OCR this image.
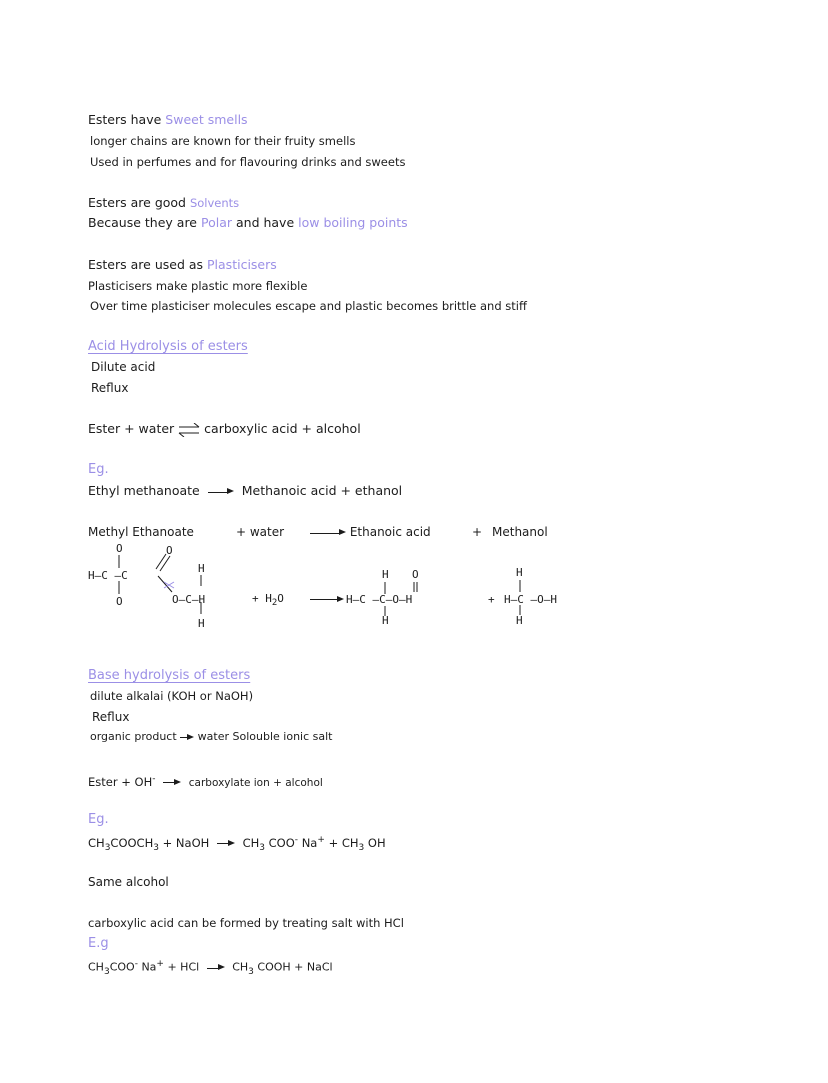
Esters have Sweet smells
longer chains are known for their fruity smells
Used in perfumes and for flavouring drinks and sweets
Esters are good Solvents
Because they are Polar and have low boiling points
Esters are used as Plasticisers
Plasticisers make plastic more flexible
Over time plasticiser molecules escape and plastic becomes brittle and stiff
Acid Hydrolysis of esters
Dilute acid
Reflux
Ester + water ⇌ carboxylic acid + alcohol
Eg.
Ethyl methanoate	Methanoic acid + ethanol
Methyl Ethanoate	+ water	Ethanoic acid	+ Methanol
O	O
H
H—C —C
O	O—C—H
H
+ $H_2O$
H O
H—C —C—O—H
H
+
H
H—C —O—H
H
Base hydrolysis of esters
dilute alkalai (KOH or NaOH)
Reflux
organic product water Solouble ionic salt
Ester + OH-	carboxylate ion + alcohol
Eg.
$CH_3COOCH_3$ + NaOH	$CH_3$ COO- $Na^+ + CH_3$ OH
Same alcohol
carboxylic acid can be formed by treating salt with HCl
E.g
$CH_3COO^-$ Na+ + HCl	$CH_3$ COOH + NaCl
